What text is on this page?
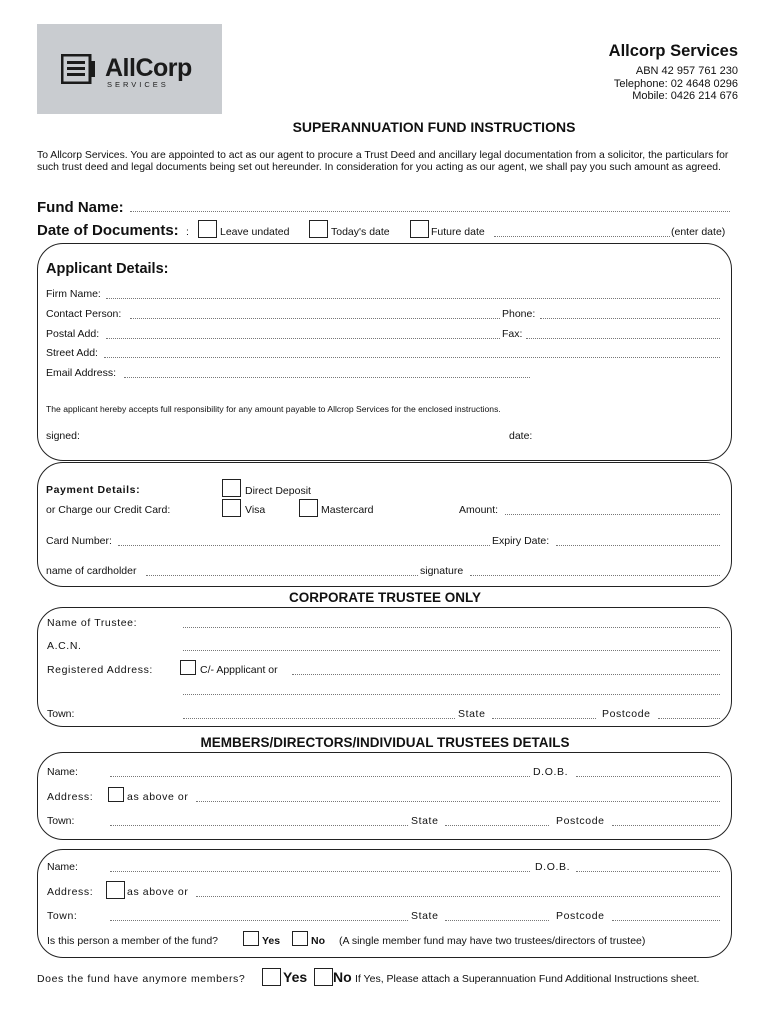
AllCorp
SERVICES
Allcorp Services
ABN 42 957 761 230
Telephone: 02 4648 0296
Mobile: 0426 214 676
SUPERANNUATION FUND INSTRUCTIONS
To Allcorp Services. You are appointed to act as our agent to procure a Trust Deed and ancillary legal documentation from a solicitor, the particulars for such trust deed and legal documents being set out hereunder. In consideration for you acting as our agent, we shall pay you such amount as agreed.
Fund Name:
Date of Documents: :	Leave undated	Today's date	Future date	(enter date)
Applicant Details:
Firm Name:
Contact Person:	Phone:
Postal Add:	Fax:
Street Add:
Email Address:
The applicant hereby accepts full responsibility for any amount payable to Allcrop Services for the enclosed instructions.
signed:	date:
Payment Details:	Direct Deposit
or Charge our Credit Card:	Visa	Mastercard	Amount:
Card Number:	Expiry Date:
name of cardholder	signature
CORPORATE TRUSTEE ONLY
Name of Trustee:
A.C.N.
Registered Address:	C/- Appplicant or
Town:	State	Postcode
MEMBERS/DIRECTORS/INDIVIDUAL TRUSTEES DETAILS
Name:	D.O.B.
Address:	as above or
Town:	State	Postcode
Name:	D.O.B.
Address:	as above or
Town:	State	Postcode
Is this person a member of the fund?	Yes	No (A single member fund may have two trustees/directors of trustee)
Does the fund have anymore members?	Yes No If Yes, Please attach a Superannuation Fund Additional Instructions sheet.
